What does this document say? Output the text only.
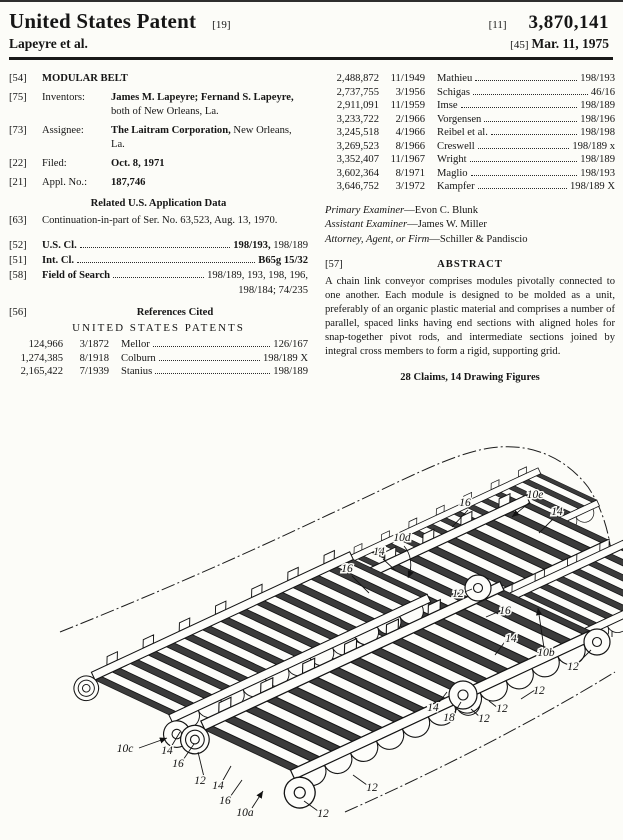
United States Patent [19]	[11] 3,870,141
Lapeyre et al.	[45] Mar. 11, 1975
[54]	MODULAR BELT
[75]	Inventors:	James M. Lapeyre; Fernand S. Lapeyre, both of New Orleans, La.
[73]	Assignee:	The Laitram Corporation, New Orleans, La.
[22]	Filed:	Oct. 8, 1971
[21]	Appl. No.:	187,746
Related U.S. Application Data
[63]	Continuation-in-part of Ser. No. 63,523, Aug. 13, 1970.
[52]	U.S. Cl.	198/193, 198/189
[51]	Int. Cl.	B65g 15/32
[58]	Field of Search	198/189, 193, 198, 196,
198/184; 74/235
[56]	References Cited
UNITED STATES PATENTS
124,966	3/1872 Mellor	126/167
1,274,385	8/1918 Colburn	198/189 X
2,165,422	7/1939 Stanius	198/189
2,488,872	11/1949 Mathieu	198/193
2,737,755	3/1956 Schigas	46/16
2,911,091	11/1959 Imse	198/189
3,233,722	2/1966 Vorgensen	198/196
3,245,518	4/1966 Reibel et al.	198/198
3,269,523	8/1966 Creswell	198/189 x
3,352,407	11/1967 Wright	198/189
3,602,364	8/1971 Maglio	198/193
3,646,752	3/1972 Kampfer	198/189 X
Primary Examiner—Evon C. Blunk
Assistant Examiner—James W. Miller
Attorney, Agent, or Firm—Schiller & Pandiscio
[57]	ABSTRACT

A chain link conveyor comprises modules pivotally connected to one another. Each module is designed to be molded as a unit, preferably of an organic plastic material and comprises a number of parallel, spaced links having end sections with aligned holes for snap-together pivot rods, and intermediate sections joined by integral cross members to form a rigid, supporting grid.

28 Claims, 14 Drawing Figures
16
10e
14
10d
14
16
12
16
14
10b
12
12
12
14
18 12
10c 14
16
12 14
16
10a	12
12
